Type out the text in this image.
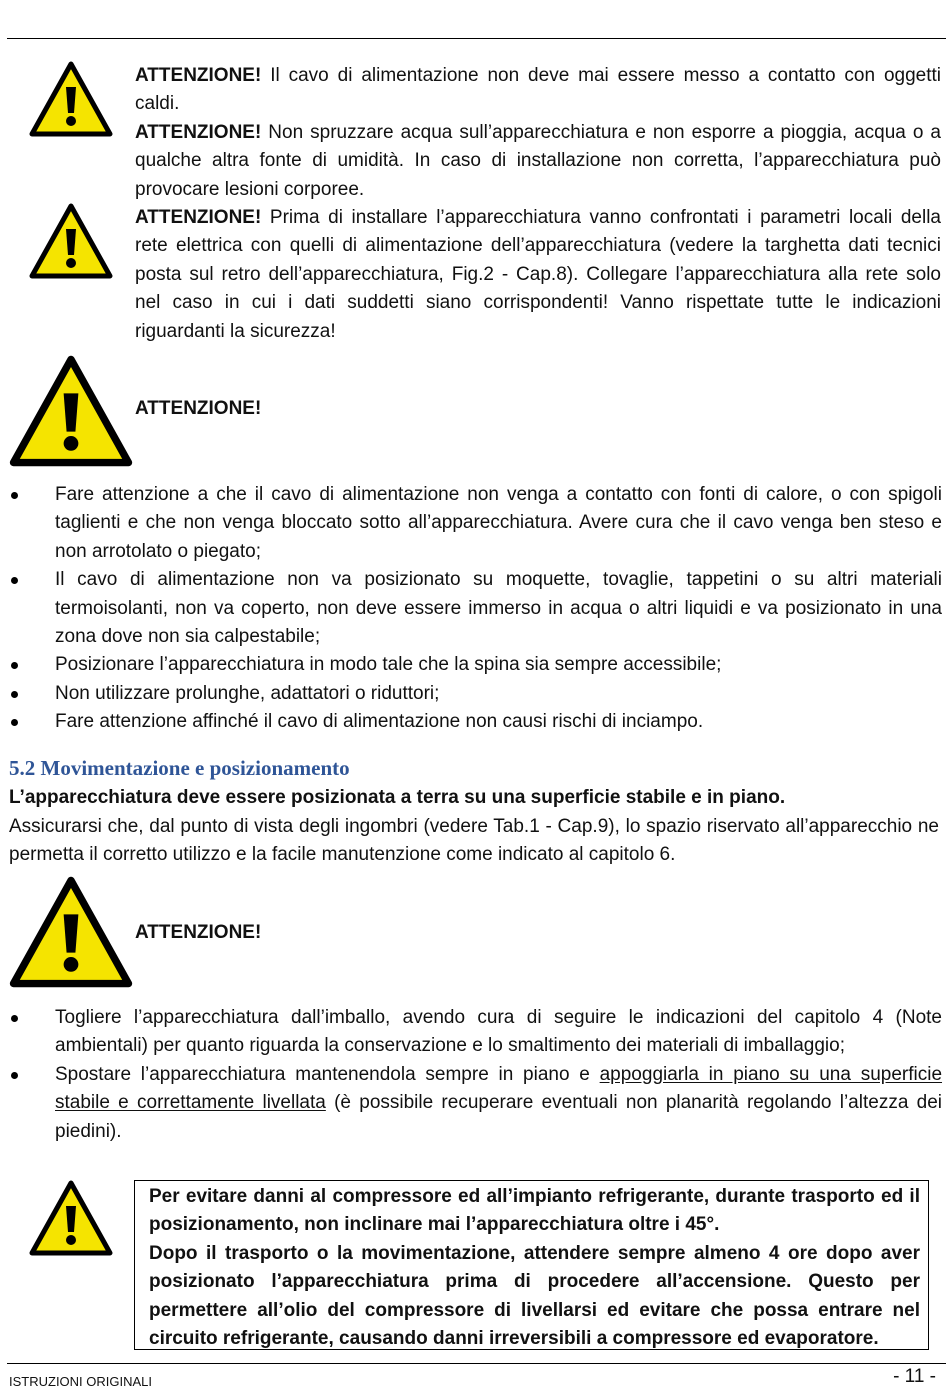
ATTENZIONE! Il cavo di alimentazione non deve mai essere messo a contatto con oggetti caldi.
ATTENZIONE! Non spruzzare acqua sull’apparecchiatura e non esporre a pioggia, acqua o a qualche altra fonte di umidità. In caso di installazione non corretta, l’apparecchiatura può provocare lesioni corporee.
ATTENZIONE! Prima di installare l’apparecchiatura vanno confrontati i parametri locali della rete elettrica con quelli di alimentazione dell’apparecchiatura (vedere la targhetta dati tecnici posta sul retro dell’apparecchiatura, Fig.2 - Cap.8). Collegare l’apparecchiatura alla rete solo nel caso in cui i dati suddetti siano corrispondenti! Vanno rispettate tutte le indicazioni riguardanti la sicurezza!
ATTENZIONE!
Fare attenzione a che il cavo di alimentazione non venga a contatto con fonti di calore, o con spigoli taglienti e che non venga bloccato sotto all’apparecchiatura. Avere cura che il cavo venga ben steso e non arrotolato o piegato;
Il cavo di alimentazione non va posizionato su moquette, tovaglie, tappetini o su altri materiali termoisolanti, non va coperto, non deve essere immerso in acqua o altri liquidi e va posizionato in una zona dove non sia calpestabile;
Posizionare l’apparecchiatura in modo tale che la spina sia sempre accessibile;
Non utilizzare prolunghe, adattatori o riduttori;
Fare attenzione affinché il cavo di alimentazione non causi rischi di inciampo.
5.2 Movimentazione e posizionamento
L’apparecchiatura deve essere posizionata a terra su una superficie stabile e in piano.
Assicurarsi che, dal punto di vista degli ingombri (vedere Tab.1 - Cap.9), lo spazio riservato all’apparecchio ne permetta il corretto utilizzo e la facile manutenzione come indicato al capitolo 6.
ATTENZIONE!
Togliere l’apparecchiatura dall’imballo, avendo cura di seguire le indicazioni del capitolo 4 (Note ambientali) per quanto riguarda la conservazione e lo smaltimento dei materiali di imballaggio;
Spostare l’apparecchiatura mantenendola sempre in piano e appoggiarla in piano su una superficie stabile e correttamente livellata (è possibile recuperare eventuali non planarità regolando l’altezza dei piedini).
Per evitare danni al compressore ed all’impianto refrigerante, durante trasporto ed il posizionamento, non inclinare mai l’apparecchiatura oltre i 45°.
Dopo il trasporto o la movimentazione, attendere sempre almeno 4 ore dopo aver posizionato l’apparecchiatura prima di procedere all’accensione. Questo per permettere all’olio del compressore di livellarsi ed evitare che possa entrare nel circuito refrigerante, causando danni irreversibili a compressore ed evaporatore.
ISTRUZIONI ORIGINALI	- 11 -
